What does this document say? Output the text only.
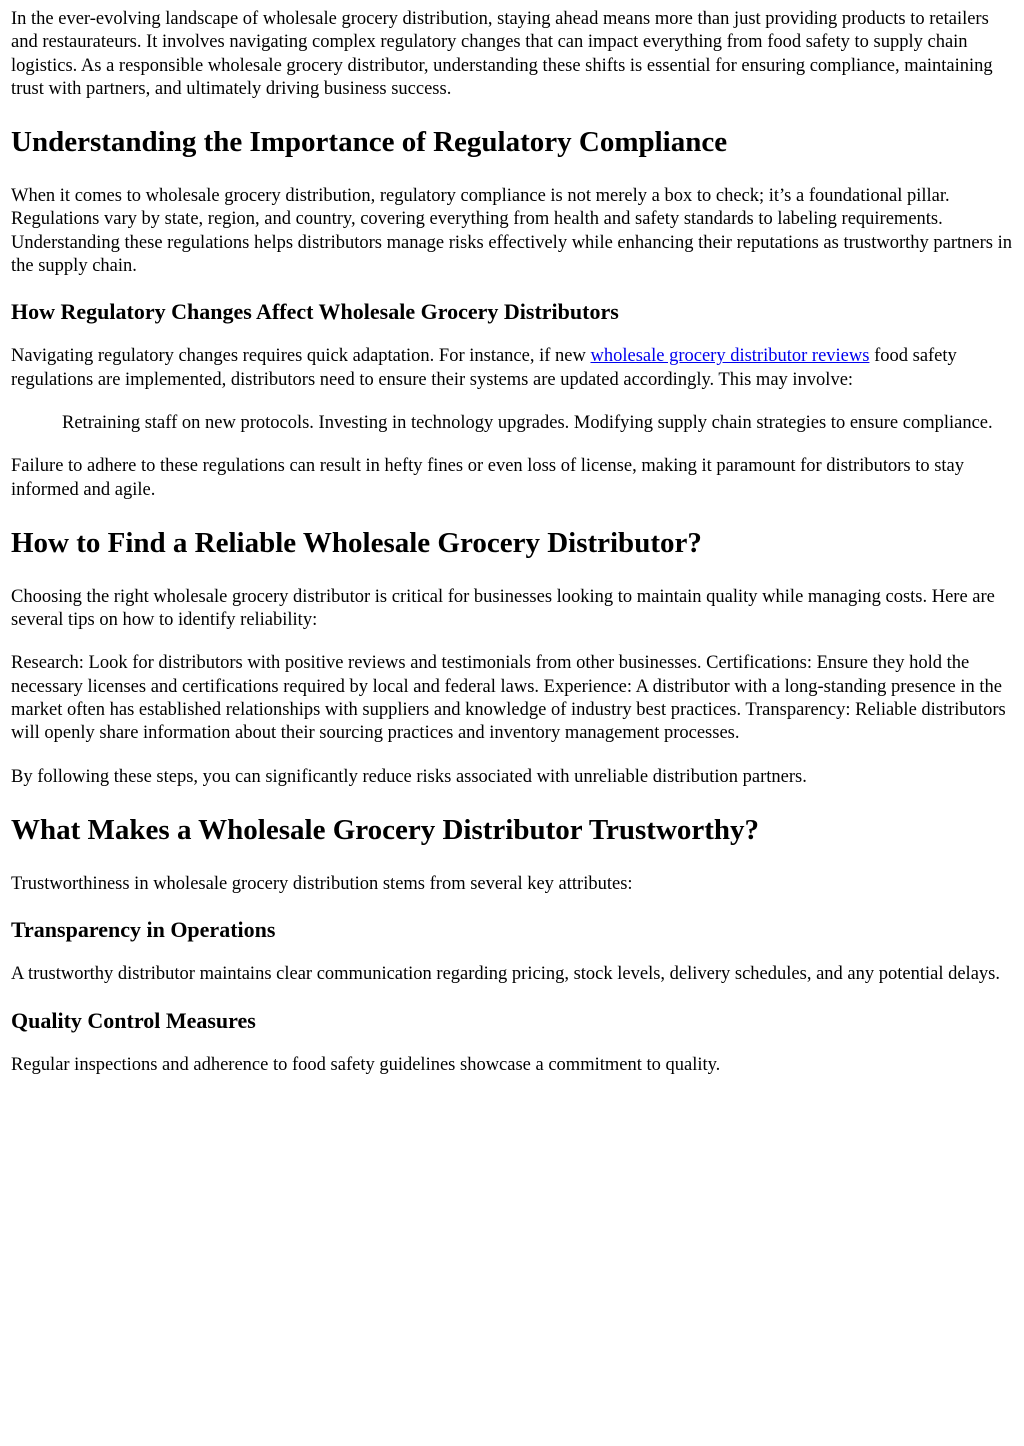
In the ever-evolving landscape of wholesale grocery distribution, staying ahead means more than just providing products to retailers and restaurateurs. It involves navigating complex regulatory changes that can impact everything from food safety to supply chain logistics. As a responsible wholesale grocery distributor, understanding these shifts is essential for ensuring compliance, maintaining trust with partners, and ultimately driving business success.

Understanding the Importance of Regulatory Compliance

When it comes to wholesale grocery distribution, regulatory compliance is not merely a box to check; it’s a foundational pillar. Regulations vary by state, region, and country, covering everything from health and safety standards to labeling requirements. Understanding these regulations helps distributors manage risks effectively while enhancing their reputations as trustworthy partners in the supply chain.

How Regulatory Changes Affect Wholesale Grocery Distributors

Navigating regulatory changes requires quick adaptation. For instance, if new wholesale grocery distributor reviews food safety regulations are implemented, distributors need to ensure their systems are updated accordingly. This may involve:

Retraining staff on new protocols. Investing in technology upgrades. Modifying supply chain strategies to ensure compliance.

Failure to adhere to these regulations can result in hefty fines or even loss of license, making it paramount for distributors to stay informed and agile.

How to Find a Reliable Wholesale Grocery Distributor?

Choosing the right wholesale grocery distributor is critical for businesses looking to maintain quality while managing costs. Here are several tips on how to identify reliability:

Research: Look for distributors with positive reviews and testimonials from other businesses. Certifications: Ensure they hold the necessary licenses and certifications required by local and federal laws. Experience: A distributor with a long-standing presence in the market often has established relationships with suppliers and knowledge of industry best practices. Transparency: Reliable distributors will openly share information about their sourcing practices and inventory management processes.

By following these steps, you can significantly reduce risks associated with unreliable distribution partners.

What Makes a Wholesale Grocery Distributor Trustworthy?

Trustworthiness in wholesale grocery distribution stems from several key attributes:

Transparency in Operations

A trustworthy distributor maintains clear communication regarding pricing, stock levels, delivery schedules, and any potential delays.

Quality Control Measures

Regular inspections and adherence to food safety guidelines showcase a commitment to quality.
